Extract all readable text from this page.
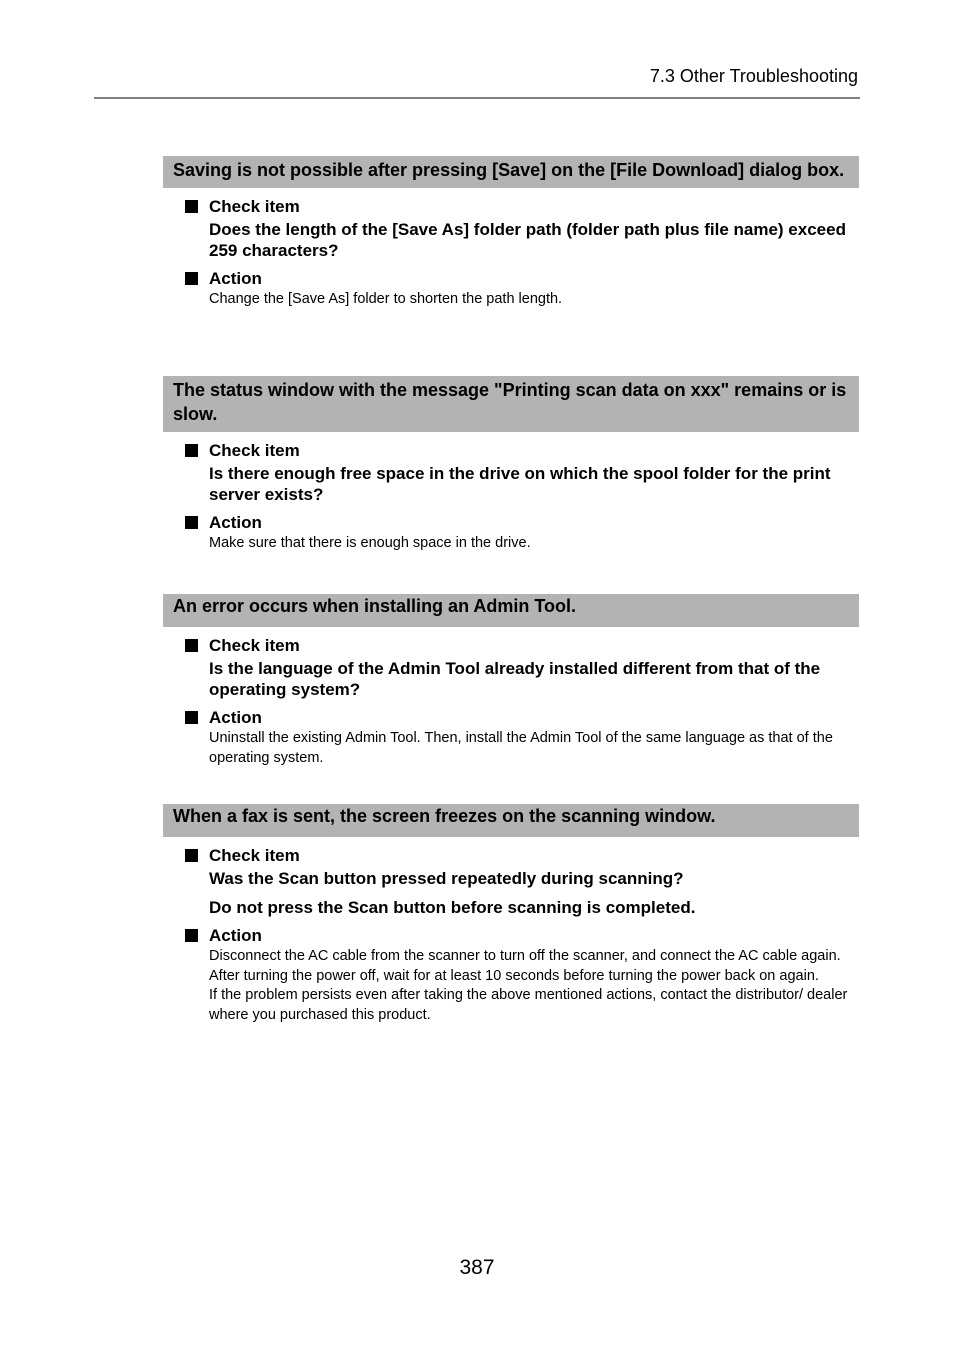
7.3 Other Troubleshooting
Saving is not possible after pressing [Save] on the [File Download] dialog box.
Check item
Does the length of the [Save As] folder path (folder path plus file name) exceed 259 characters?
Action
Change the [Save As] folder to shorten the path length.
The status window with the message "Printing scan data on xxx" remains or is slow.
Check item
Is there enough free space in the drive on which the spool folder for the print server exists?
Action
Make sure that there is enough space in the drive.
An error occurs when installing an Admin Tool.
Check item
Is the language of the Admin Tool already installed different from that of the operating system?
Action
Uninstall the existing Admin Tool. Then, install the Admin Tool of the same language as that of the operating system.
When a fax is sent, the screen freezes on the scanning window.
Check item
Was the Scan button pressed repeatedly during scanning?
Do not press the Scan button before scanning is completed.
Action
Disconnect the AC cable from the scanner to turn off the scanner, and connect the AC cable again. After turning the power off, wait for at least 10 seconds before turning the power back on again.
If the problem persists even after taking the above mentioned actions, contact the distributor/ dealer where you purchased this product.
387
